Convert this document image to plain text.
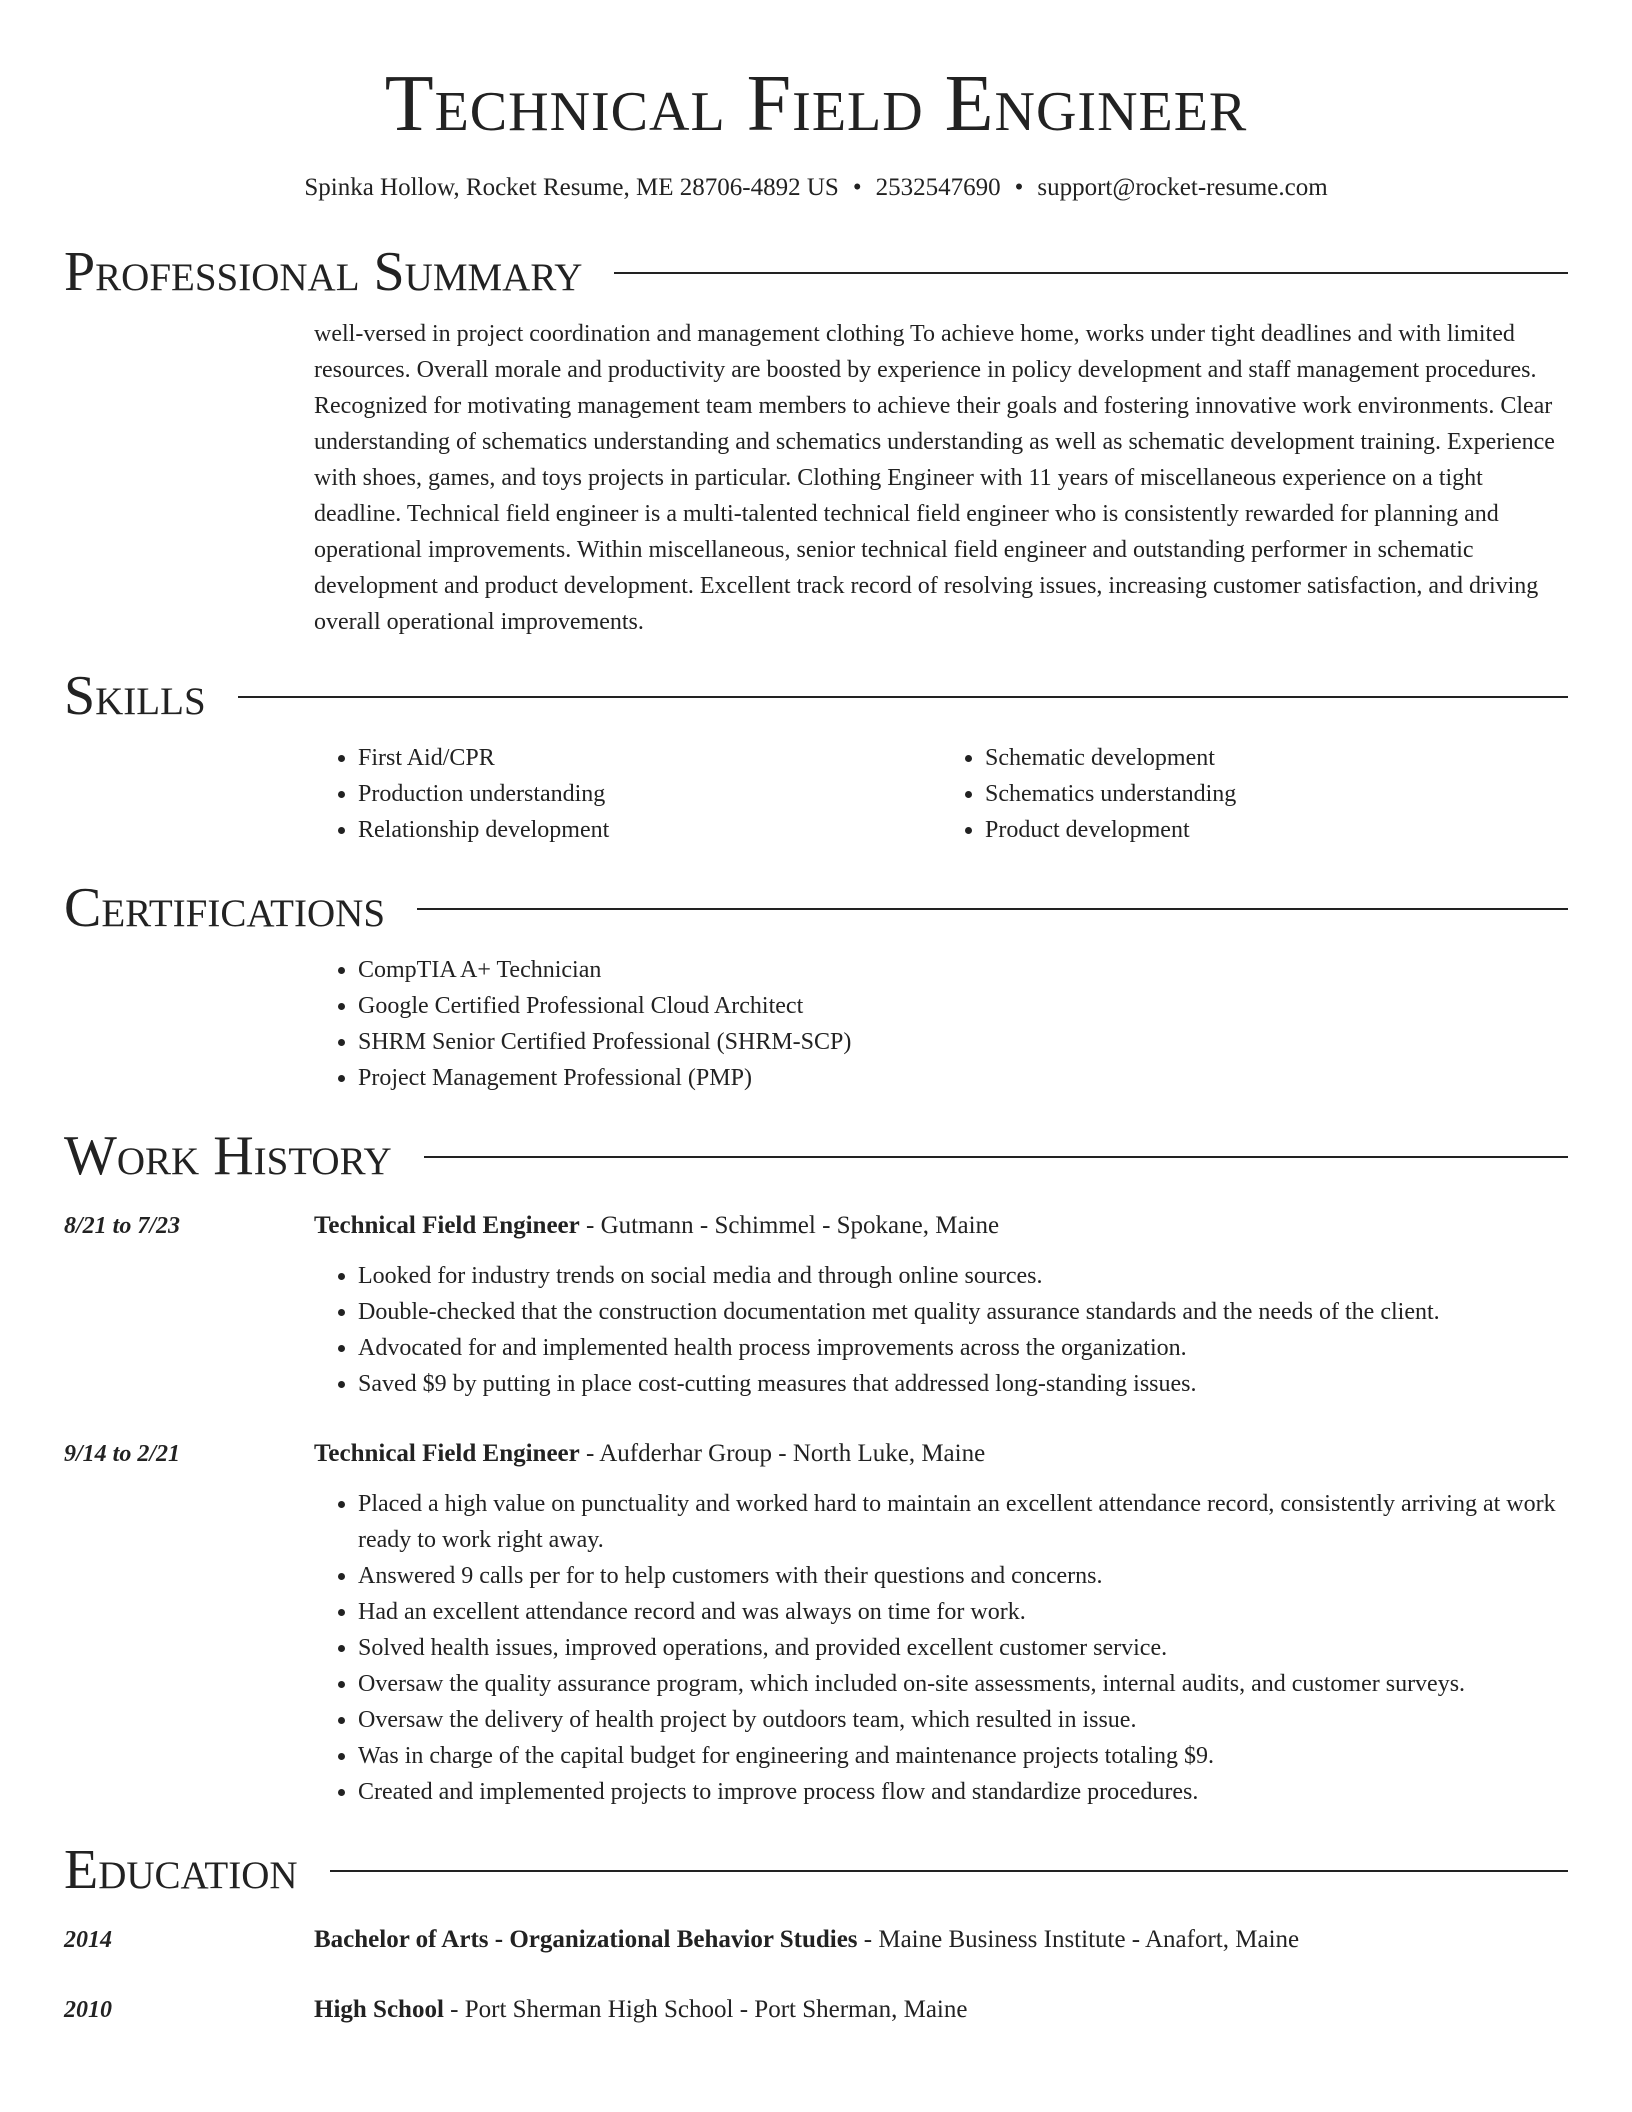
Technical Field Engineer
Spinka Hollow, Rocket Resume, ME 28706-4892 US • 2532547690 • support@rocket-resume.com
Professional Summary

well-versed in project coordination and management clothing To achieve home, works under tight deadlines and with limited resources. Overall morale and productivity are boosted by experience in policy development and staff management procedures. Recognized for motivating management team members to achieve their goals and fostering innovative work environments. Clear understanding of schematics understanding and schematics understanding as well as schematic development training. Experience with shoes, games, and toys projects in particular. Clothing Engineer with 11 years of miscellaneous experience on a tight deadline. Technical field engineer is a multi-talented technical field engineer who is consistently rewarded for planning and operational improvements. Within miscellaneous, senior technical field engineer and outstanding performer in schematic development and product development. Excellent track record of resolving issues, increasing customer satisfaction, and driving overall operational improvements.

Skills
• First Aid/CPR
• Production understanding
• Relationship development
• Schematic development
• Schematics understanding
• Product development
Certifications
• CompTIA A+ Technician
• Google Certified Professional Cloud Architect
• SHRM Senior Certified Professional (SHRM-SCP)
• Project Management Professional (PMP)
Work History
8/21 to 7/23	Technical Field Engineer - Gutmann - Schimmel - Spokane, Maine
• Looked for industry trends on social media and through online sources.
• Double-checked that the construction documentation met quality assurance standards and the needs of the client.
• Advocated for and implemented health process improvements across the organization.
• Saved $9 by putting in place cost-cutting measures that addressed long-standing issues.
9/14 to 2/21	Technical Field Engineer - Aufderhar Group - North Luke, Maine
• Placed a high value on punctuality and worked hard to maintain an excellent attendance record, consistently arriving at work ready to work right away.
• Answered 9 calls per for to help customers with their questions and concerns.
• Had an excellent attendance record and was always on time for work.
• Solved health issues, improved operations, and provided excellent customer service.
• Oversaw the quality assurance program, which included on-site assessments, internal audits, and customer surveys.
• Oversaw the delivery of health project by outdoors team, which resulted in issue.
• Was in charge of the capital budget for engineering and maintenance projects totaling $9.
• Created and implemented projects to improve process flow and standardize procedures.
Education
2014	Bachelor of Arts - Organizational Behavior Studies - Maine Business Institute - Anafort, Maine
2010	High School - Port Sherman High School - Port Sherman, Maine
